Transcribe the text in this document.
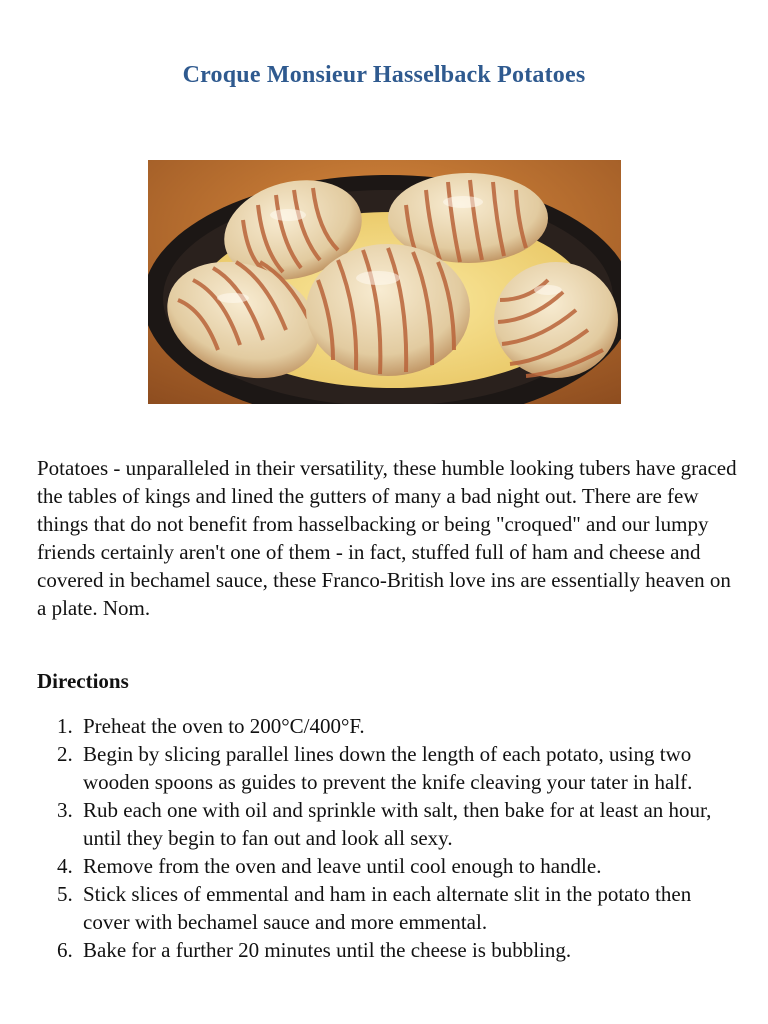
Croque Monsieur Hasselback Potatoes

Potatoes - unparalleled in their versatility, these humble looking tubers have graced the tables of kings and lined the gutters of many a bad night out. There are few things that do not benefit from hasselbacking or being "croqued" and our lumpy friends certainly aren't one of them - in fact, stuffed full of ham and cheese and covered in bechamel sauce, these Franco-British love ins are essentially heaven on a plate. Nom.

Directions
1. Preheat the oven to 200°C/400°F.
2. Begin by slicing parallel lines down the length of each potato, using two wooden spoons as guides to prevent the knife cleaving your tater in half.
3. Rub each one with oil and sprinkle with salt, then bake for at least an hour, until they begin to fan out and look all sexy.
4. Remove from the oven and leave until cool enough to handle.
5. Stick slices of emmental and ham in each alternate slit in the potato then cover with bechamel sauce and more emmental.
6. Bake for a further 20 minutes until the cheese is bubbling.
